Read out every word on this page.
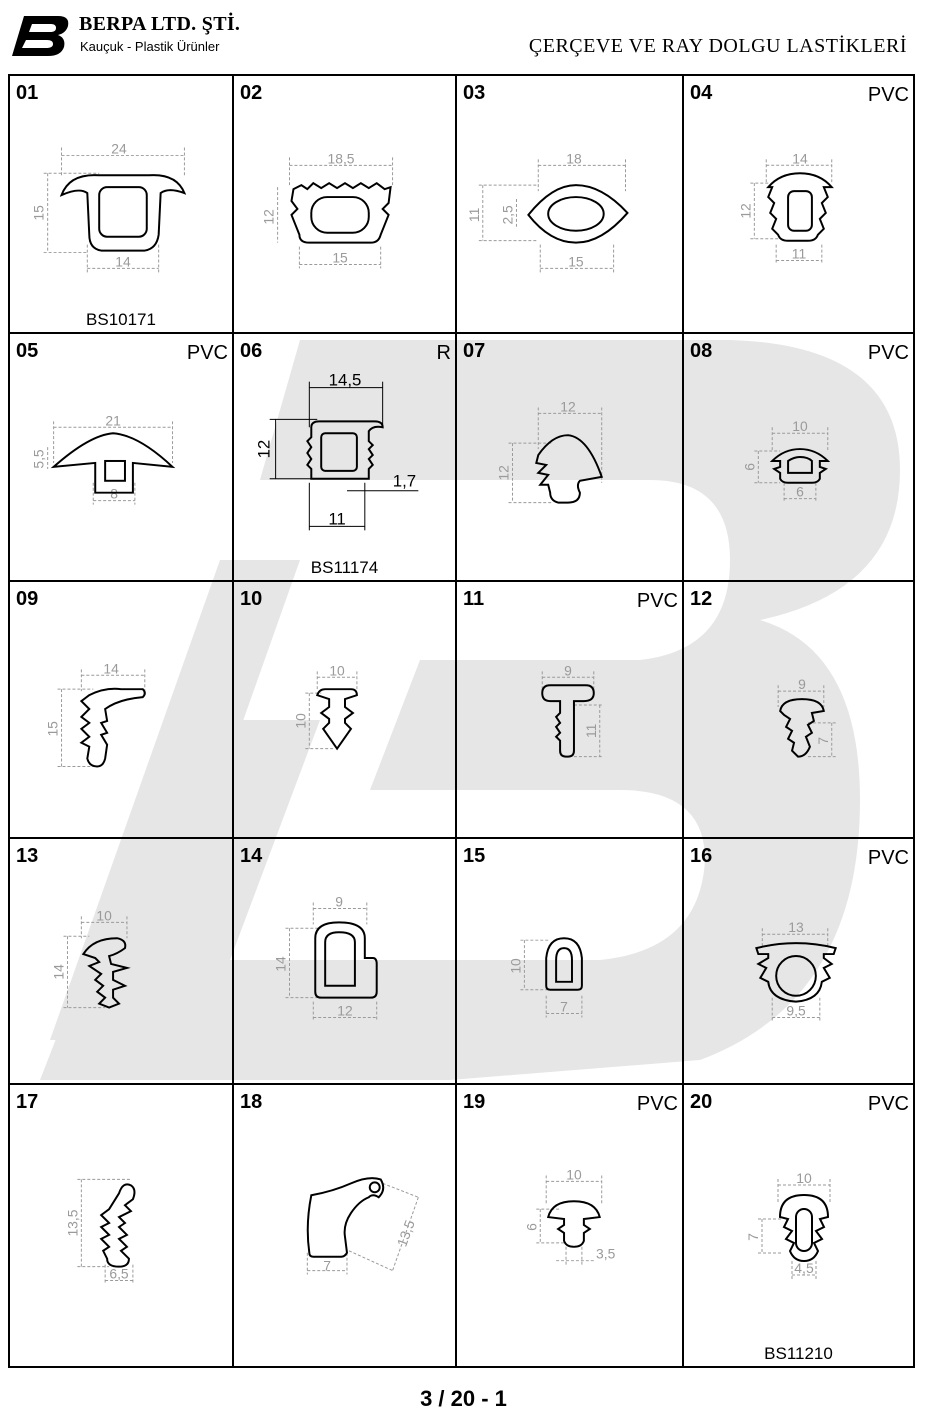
BERPA LTD. ŞTİ.
Kauçuk - Plastik Ürünler	ÇERÇEVE VE RAY DOLGU LASTİKLERİ
01
24
15
14
BS10171
02
18,5
12
15
03
18
11 2,5
15
04	PVC
14
12
11
05	PVC
21
5,5
8
06	R
14,5
12
1,7
11
BS11174
07
12
12
08	PVC
10
6
6
09
14
15
10
10
10
11	PVC
9
11
12
9
7
13
10
14
14
9
14
12
15
10
7
16	PVC
13
9,5
17
13,5
6,5
18
7
13,5
19	PVC
10
6
3,5
20	PVC
10
7
4,5
BS11210
3 / 20 - 1
